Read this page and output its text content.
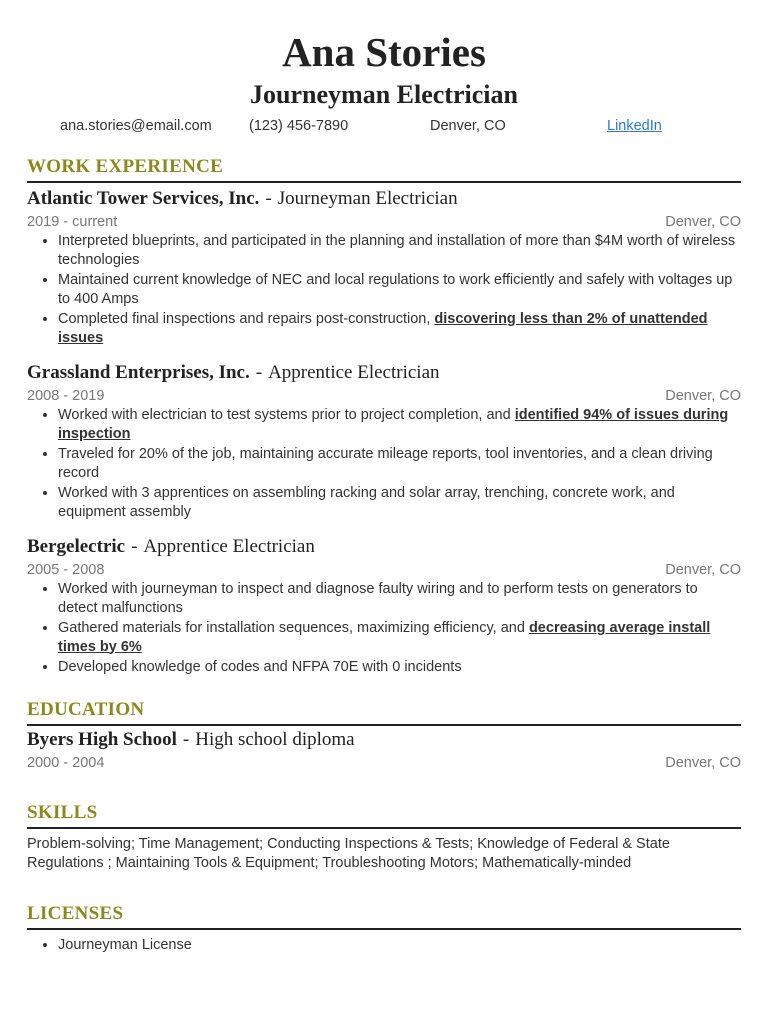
Ana Stories
Journeyman Electrician
ana.stories@email.com	(123) 456-7890	Denver, CO	LinkedIn
WORK EXPERIENCE
Atlantic Tower Services, Inc. - Journeyman Electrician
2019 - current	Denver, CO
• Interpreted blueprints, and participated in the planning and installation of more than $4M worth of wireless technologies
• Maintained current knowledge of NEC and local regulations to work efficiently and safely with voltages up to 400 Amps
• Completed final inspections and repairs post-construction, discovering less than 2% of unattended issues
Grassland Enterprises, Inc. - Apprentice Electrician
2008 - 2019	Denver, CO
• Worked with electrician to test systems prior to project completion, and identified 94% of issues during inspection
• Traveled for 20% of the job, maintaining accurate mileage reports, tool inventories, and a clean driving record
• Worked with 3 apprentices on assembling racking and solar array, trenching, concrete work, and equipment assembly
Bergelectric - Apprentice Electrician
2005 - 2008	Denver, CO
• Worked with journeyman to inspect and diagnose faulty wiring and to perform tests on generators to detect malfunctions
• Gathered materials for installation sequences, maximizing efficiency, and decreasing average install times by 6%
• Developed knowledge of codes and NFPA 70E with 0 incidents
EDUCATION
Byers High School - High school diploma
2000 - 2004	Denver, CO
SKILLS
Problem-solving; Time Management; Conducting Inspections & Tests; Knowledge of Federal & State Regulations ; Maintaining Tools & Equipment; Troubleshooting Motors; Mathematically-minded
LICENSES
• Journeyman License
